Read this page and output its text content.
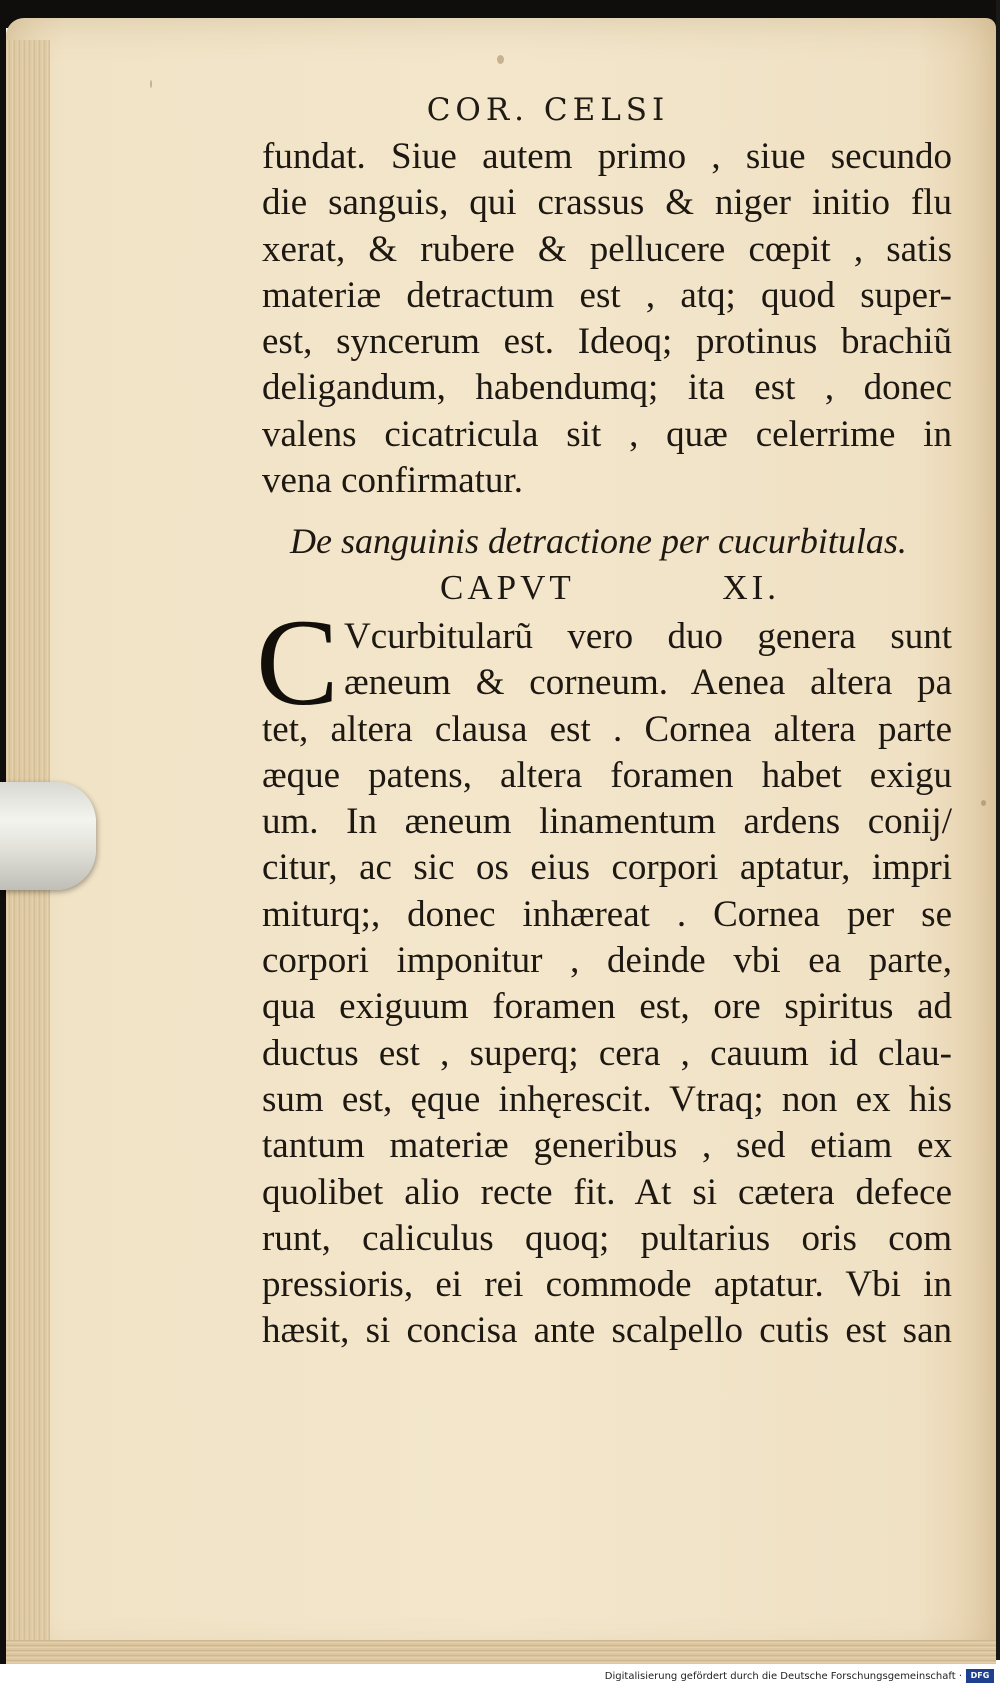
COR. CELSI
fundat. Siue autem primo , siue secundo
die sanguis, qui crassus & niger initio flu
xerat, & rubere & pellucere cœpit , satis
materiæ detractum est , atq; quod super-
est, syncerum est. Ideoq; protinus brachiũ
deligandum, habendumq; ita est , donec
valens cicatricula sit , quæ celerrime in
vena confirmatur.
De sanguinis detractione per cucurbitulas.
CAPVT	XI.
C Vcurbitularũ vero duo genera sunt
æneum & corneum. Aenea altera pa
tet, altera clausa est . Cornea altera parte
æque patens, altera foramen habet exigu
um. In æneum linamentum ardens conij/
citur, ac sic os eius corpori aptatur, impri
miturq;, donec inhæreat . Cornea per se
corpori imponitur , deinde vbi ea parte,
qua exiguum foramen est, ore spiritus ad
ductus est , superq; cera , cauum id clau-
sum est, ęque inhęrescit. Vtraq; non ex his
tantum materiæ generibus , sed etiam ex
quolibet alio recte fit. At si cætera defece
runt, caliculus quoq; pultarius oris com
pressioris, ei rei commode aptatur. Vbi in
hæsit, si concisa ante scalpello cutis est san
Digitalisierung gefördert durch die Deutsche Forschungsgemeinschaft ·	DFG
